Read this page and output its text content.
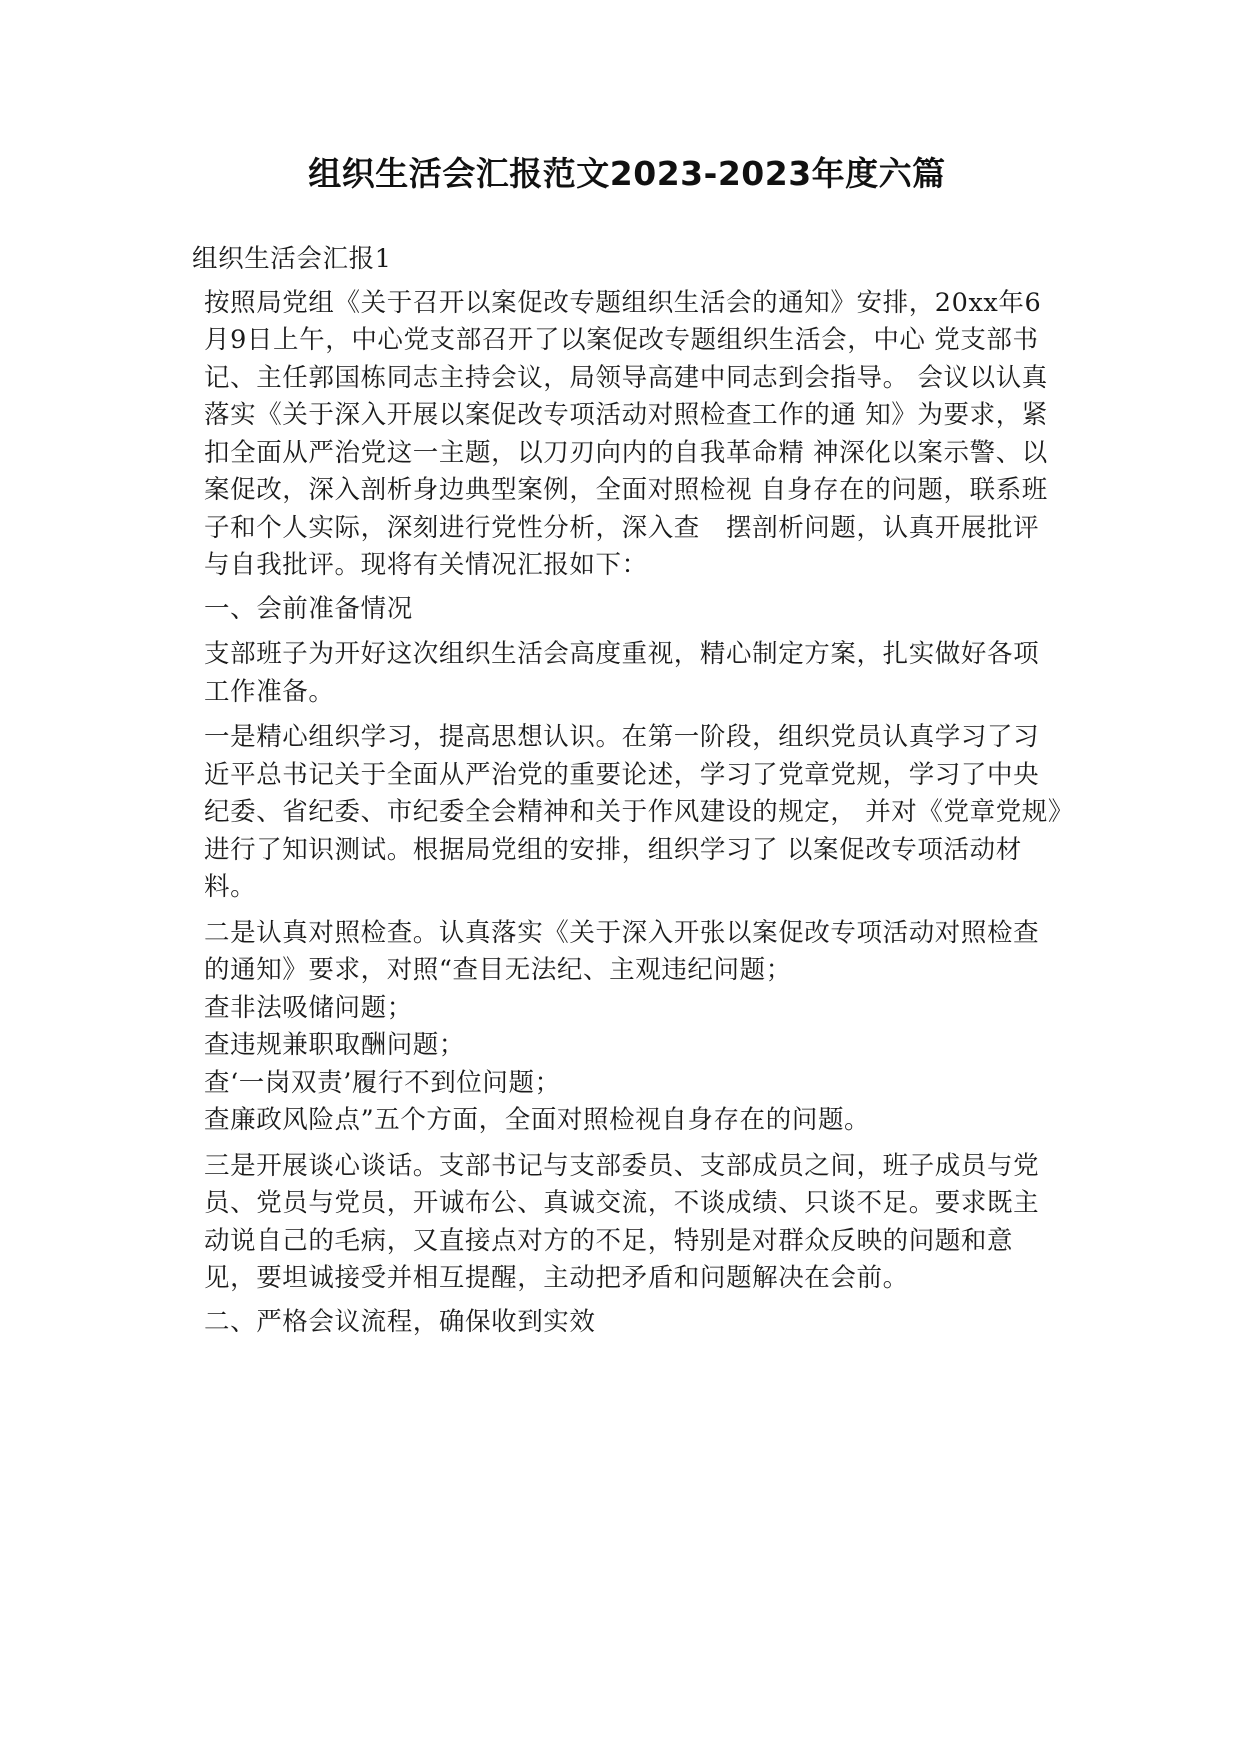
组织生活会汇报范文2023-2023年度六篇

组织生活会汇报1

按照局党组《关于召开以案促改专题组织生活会的通知》安排，20xx年6月9日上午，中心党支部召开了以案促改专题组织生活会，中心 党支部书记、主任郭国栋同志主持会议，局领导高建中同志到会指导。 会议以认真落实《关于深入开展以案促改专项活动对照检查工作的通 知》为要求，紧扣全面从严治党这一主题，以刀刃向内的自我革命精 神深化以案示警、以案促改，深入剖析身边典型案例，全面对照检视 自身存在的问题，联系班子和个人实际，深刻进行党性分析，深入查　摆剖析问题，认真开展批评与自我批评。现将有关情况汇报如下：

一、会前准备情况

支部班子为开好这次组织生活会高度重视，精心制定方案，扎实做好各项工作准备。

一是精心组织学习，提高思想认识。在第一阶段，组织党员认真学习了习近平总书记关于全面从严治党的重要论述，学习了党章党规，学习了中央纪委、省纪委、市纪委全会精神和关于作风建设的规定， 并对《党章党规》进行了知识测试。根据局党组的安排，组织学习了 以案促改专项活动材料。

二是认真对照检查。认真落实《关于深入开张以案促改专项活动对照检查的通知》要求，对照“查目无法纪、主观违纪问题；

查非法吸储问题；

查违规兼职取酬问题；

查‘一岗双责’履行不到位问题；

查廉政风险点”五个方面，全面对照检视自身存在的问题。

三是开展谈心谈话。支部书记与支部委员、支部成员之间，班子成员与党员、党员与党员，开诚布公、真诚交流，不谈成绩、只谈不足。要求既主动说自己的毛病，又直接点对方的不足，特别是对群众反映的问题和意见，要坦诚接受并相互提醒，主动把矛盾和问题解决在会前。

二、严格会议流程，确保收到实效
